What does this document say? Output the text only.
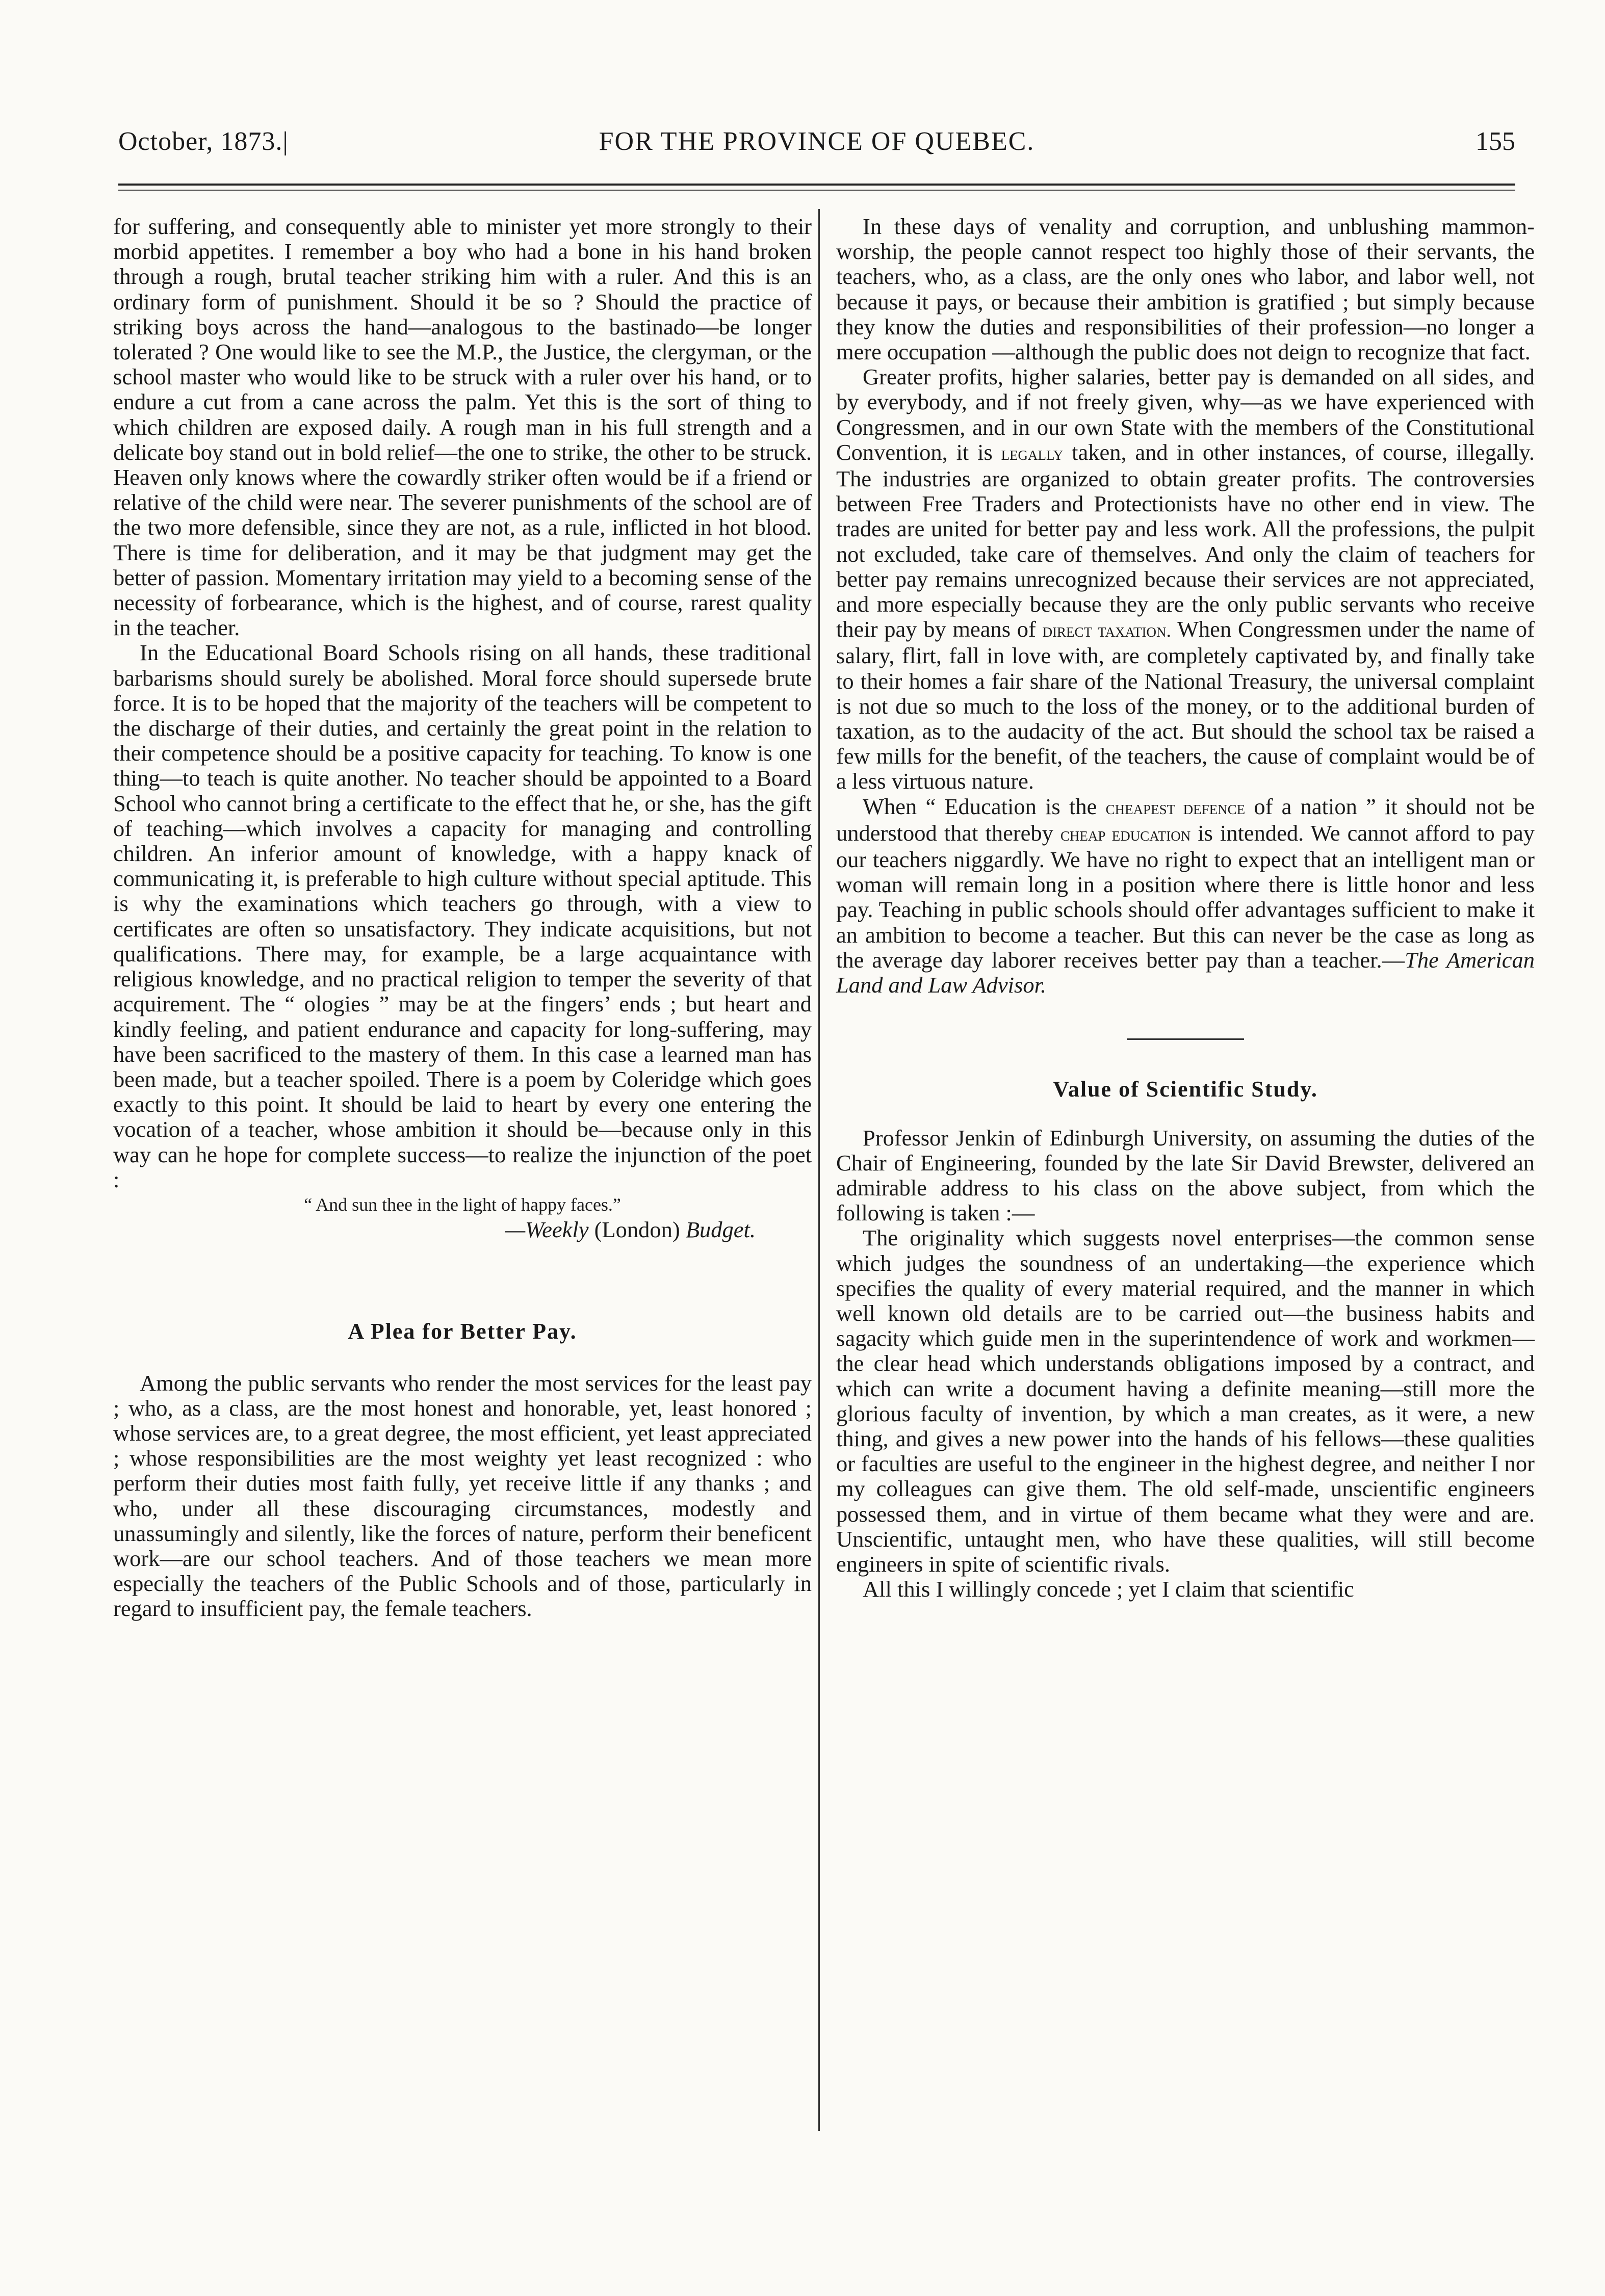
October, 1873.|	FOR THE PROVINCE OF QUEBEC.	155

for suffering, and consequently able to minister yet more strongly to their morbid appetites. I remember a boy who had a bone in his hand broken through a rough, brutal teacher striking him with a ruler. And this is an ordinary form of punishment. Should it be so ? Should the practice of striking boys across the hand—analogous to the bastinado—be longer tolerated ? One would like to see the M.P., the Justice, the clergyman, or the school master who would like to be struck with a ruler over his hand, or to endure a cut from a cane across the palm. Yet this is the sort of thing to which children are exposed daily. A rough man in his full strength and a delicate boy stand out in bold relief—the one to strike, the other to be struck. Heaven only knows where the cowardly striker often would be if a friend or relative of the child were near. The severer punishments of the school are of the two more defensible, since they are not, as a rule, inflicted in hot blood. There is time for deliberation, and it may be that judgment may get the better of passion. Momentary irritation may yield to a becoming sense of the necessity of forbearance, which is the highest, and of course, rarest quality in the teacher.

In the Educational Board Schools rising on all hands, these traditional barbarisms should surely be abolished. Moral force should supersede brute force. It is to be hoped that the majority of the teachers will be competent to the discharge of their duties, and certainly the great point in the relation to their competence should be a positive capacity for teaching. To know is one thing—to teach is quite another. No teacher should be appointed to a Board School who cannot bring a certificate to the effect that he, or she, has the gift of teaching—which involves a capacity for managing and controlling children. An inferior amount of knowledge, with a happy knack of communicating it, is preferable to high culture without special aptitude. This is why the examinations which teachers go through, with a view to certificates are often so unsatisfactory. They indicate acquisitions, but not qualifications. There may, for example, be a large acquaintance with religious knowledge, and no practical religion to temper the severity of that acquirement. The “ ologies ” may be at the fingers’ ends ; but heart and kindly feeling, and patient endurance and capacity for long-suffering, may have been sacrificed to the mastery of them. In this case a learned man has been made, but a teacher spoiled. There is a poem by Coleridge which goes exactly to this point. It should be laid to heart by every one entering the vocation of a teacher, whose ambition it should be—because only in this way can he hope for complete success—to realize the injunction of the poet :

“ And sun thee in the light of happy faces.”

—Weekly (London) Budget.

A Plea for Better Pay.

Among the public servants who render the most services for the least pay ; who, as a class, are the most honest and honorable, yet, least honored ; whose services are, to a great degree, the most efficient, yet least appreciated ; whose responsibilities are the most weighty yet least recognized : who perform their duties most faith fully, yet receive little if any thanks ; and who, under all these discouraging circumstances, modestly and unassumingly and silently, like the forces of nature, perform their beneficent work—are our school teachers. And of those teachers we mean more especially the teachers of the Public Schools and of those, particularly in regard to insufficient pay, the female teachers.

In these days of venality and corruption, and unblushing mammon-worship, the people cannot respect too highly those of their servants, the teachers, who, as a class, are the only ones who labor, and labor well, not because it pays, or because their ambition is gratified ; but simply because they know the duties and responsibilities of their profession—no longer a mere occupation —although the public does not deign to recognize that fact.

Greater profits, higher salaries, better pay is demanded on all sides, and by everybody, and if not freely given, why—as we have experienced with Congressmen, and in our own State with the members of the Constitutional Convention, it is legally taken, and in other instances, of course, illegally. The industries are organized to obtain greater profits. The controversies between Free Traders and Protectionists have no other end in view. The trades are united for better pay and less work. All the professions, the pulpit not excluded, take care of themselves. And only the claim of teachers for better pay remains unrecognized because their services are not appreciated, and more especially because they are the only public servants who receive their pay by means of direct taxation. When Congressmen under the name of salary, flirt, fall in love with, are completely captivated by, and finally take to their homes a fair share of the National Treasury, the universal complaint is not due so much to the loss of the money, or to the additional burden of taxation, as to the audacity of the act. But should the school tax be raised a few mills for the benefit, of the teachers, the cause of complaint would be of a less virtuous nature.

When “ Education is the cheapest defence of a nation ” it should not be understood that thereby cheap education is intended. We cannot afford to pay our teachers niggardly. We have no right to expect that an intelligent man or woman will remain long in a position where there is little honor and less pay. Teaching in public schools should offer advantages sufficient to make it an ambition to become a teacher. But this can never be the case as long as the average day laborer receives better pay than a teacher.—The American Land and Law Advisor.

Value of Scientific Study.

Professor Jenkin of Edinburgh University, on assuming the duties of the Chair of Engineering, founded by the late Sir David Brewster, delivered an admirable address to his class on the above subject, from which the following is taken :—

The originality which suggests novel enterprises—the common sense which judges the soundness of an undertaking—the experience which specifies the quality of every material required, and the manner in which well known old details are to be carried out—the business habits and sagacity which guide men in the superintendence of work and workmen—the clear head which understands obligations imposed by a contract, and which can write a document having a definite meaning—still more the glorious faculty of invention, by which a man creates, as it were, a new thing, and gives a new power into the hands of his fellows—these qualities or faculties are useful to the engineer in the highest degree, and neither I nor my colleagues can give them. The old self-made, unscientific engineers possessed them, and in virtue of them became what they were and are. Unscientific, untaught men, who have these qualities, will still become engineers in spite of scientific rivals.

All this I willingly concede ; yet I claim that scientific
